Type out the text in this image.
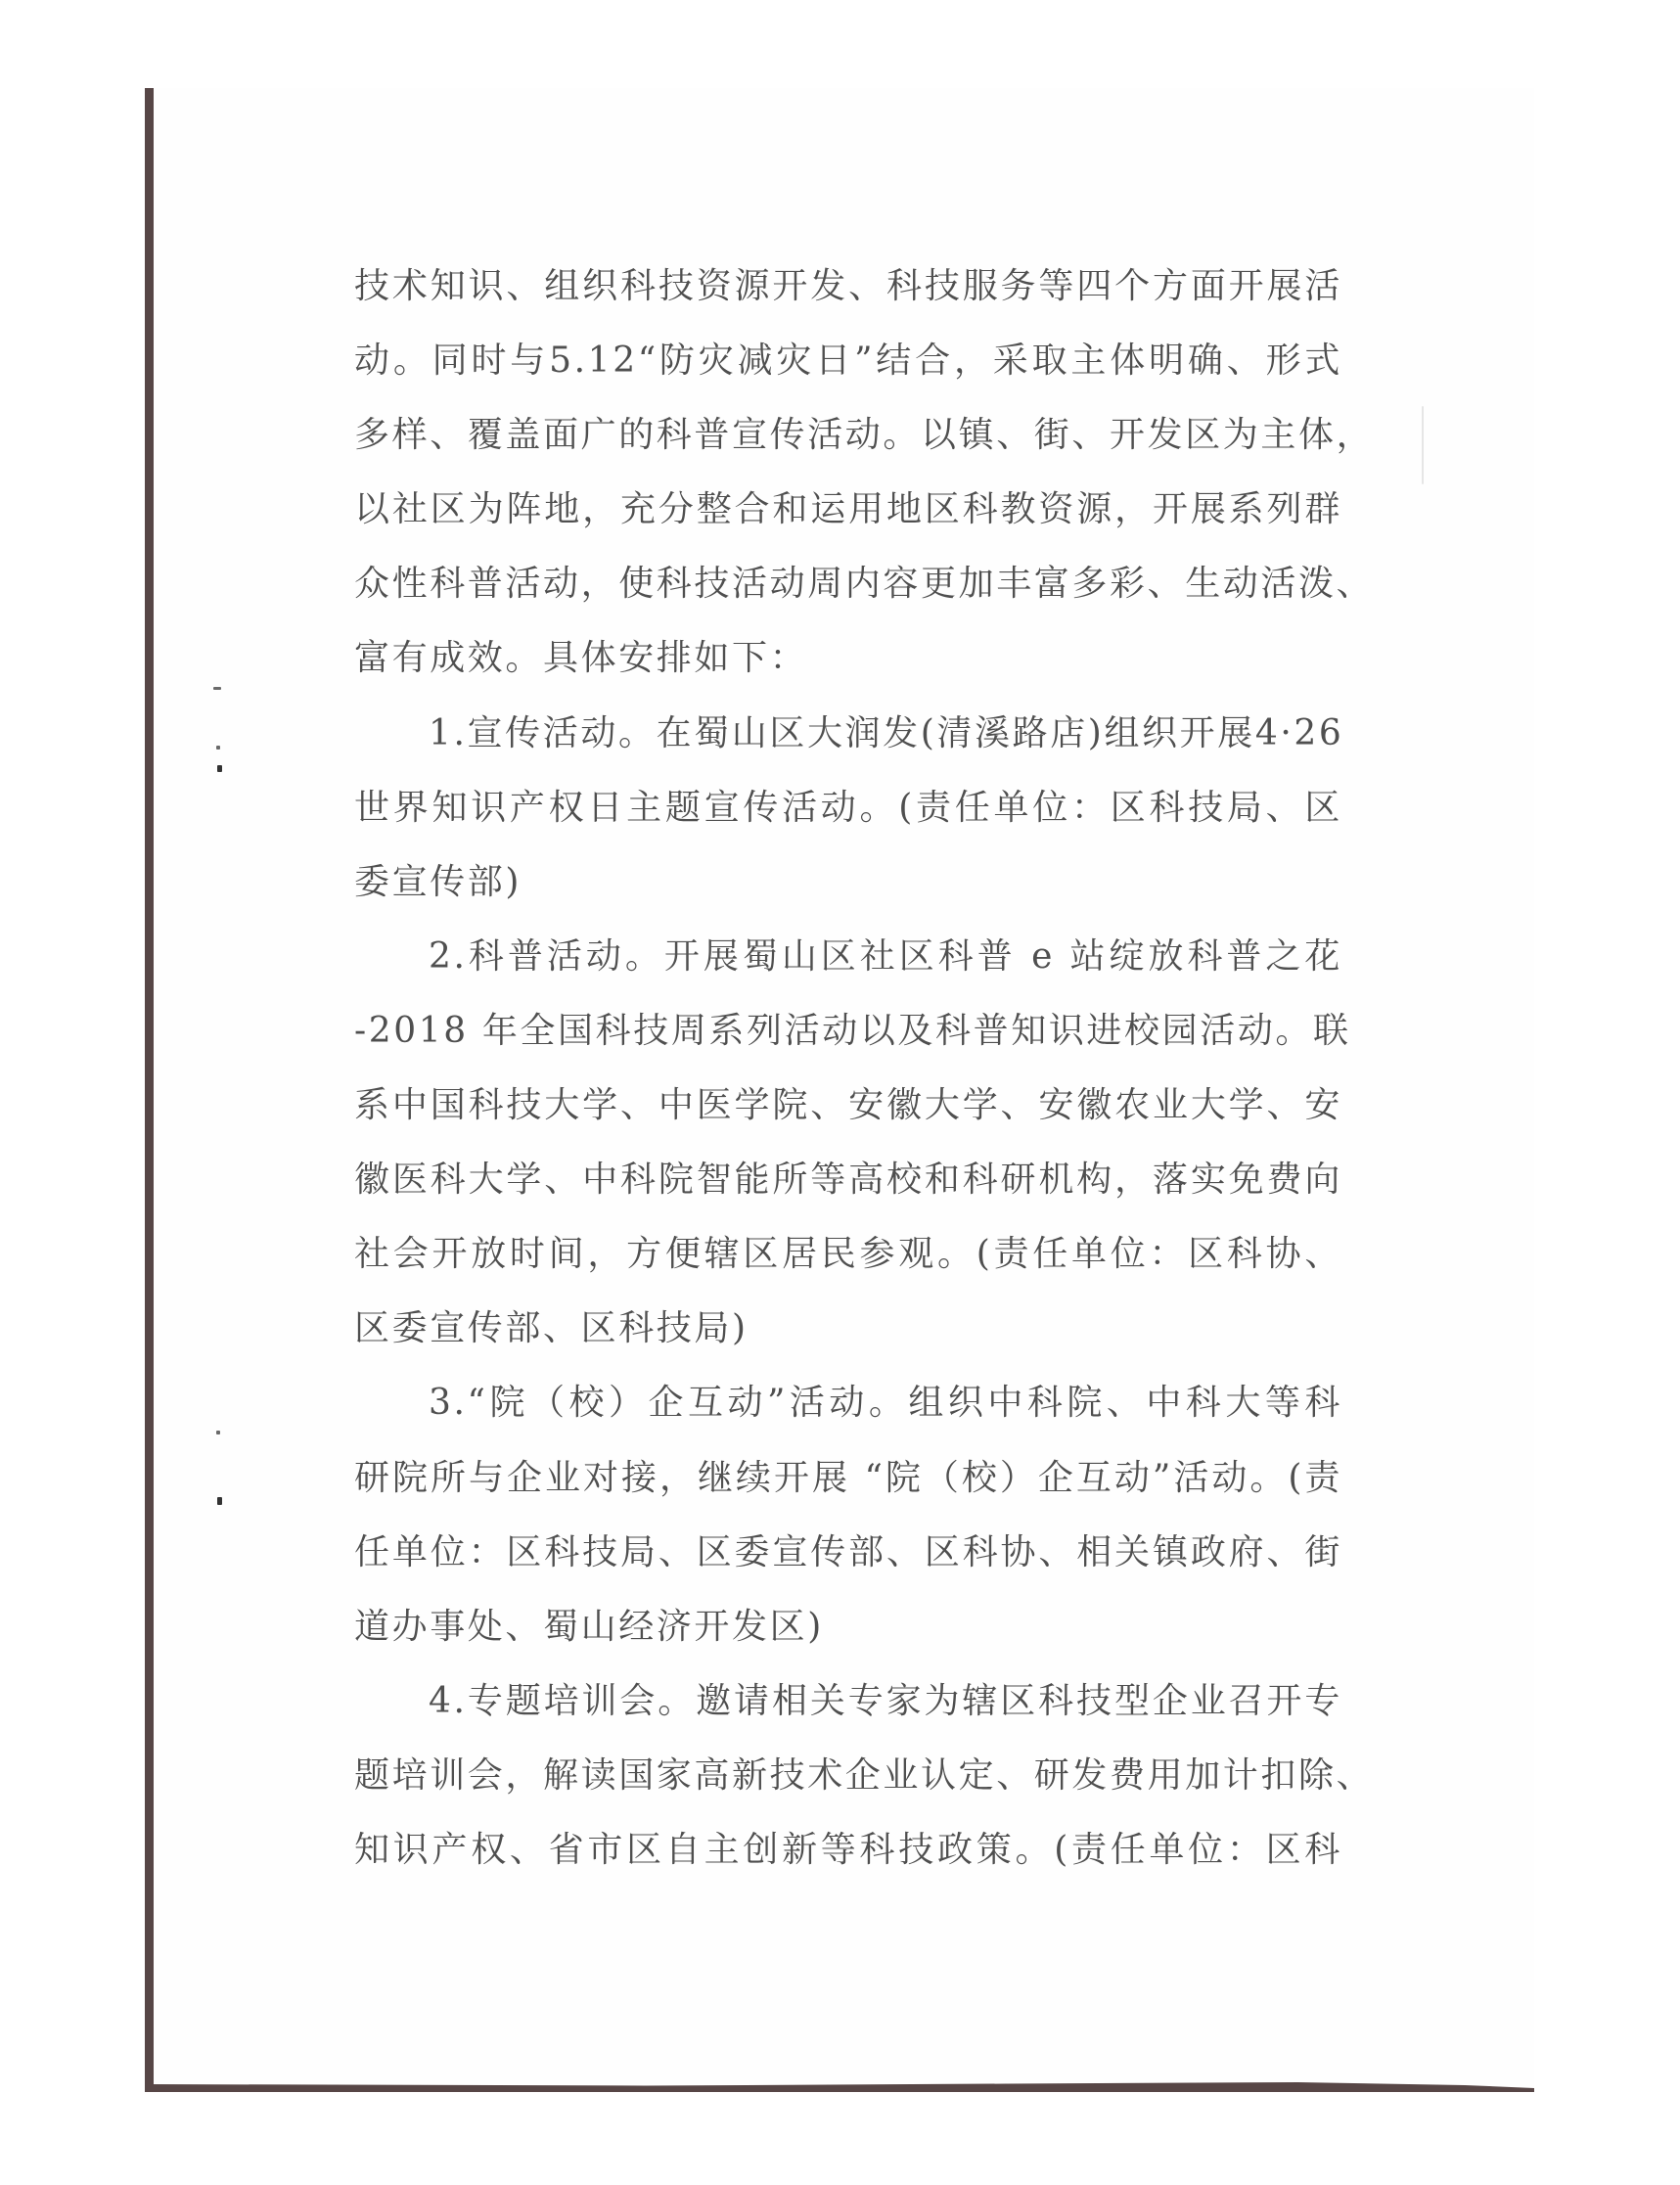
技术知识、组织科技资源开发、科技服务等四个方面开展活
动。同时与5.12“防灾减灾日”结合，采取主体明确、形式
多样、覆盖面广的科普宣传活动。以镇、街、开发区为主体，
以社区为阵地，充分整合和运用地区科教资源，开展系列群
众性科普活动，使科技活动周内容更加丰富多彩、生动活泼、
富有成效。具体安排如下：
1.宣传活动。在蜀山区大润发(清溪路店)组织开展4·26
世界知识产权日主题宣传活动。(责任单位：区科技局、区
委宣传部)
2.科普活动。开展蜀山区社区科普 e 站绽放科普之花
-2018 年全国科技周系列活动以及科普知识进校园活动。联
系中国科技大学、中医学院、安徽大学、安徽农业大学、安
徽医科大学、中科院智能所等高校和科研机构，落实免费向
社会开放时间，方便辖区居民参观。(责任单位：区科协、
区委宣传部、区科技局)
3.“院（校）企互动”活动。组织中科院、中科大等科
研院所与企业对接，继续开展 “院（校）企互动”活动。(责
任单位：区科技局、区委宣传部、区科协、相关镇政府、街
道办事处、蜀山经济开发区)
4.专题培训会。邀请相关专家为辖区科技型企业召开专
题培训会，解读国家高新技术企业认定、研发费用加计扣除、
知识产权、省市区自主创新等科技政策。(责任单位：区科
